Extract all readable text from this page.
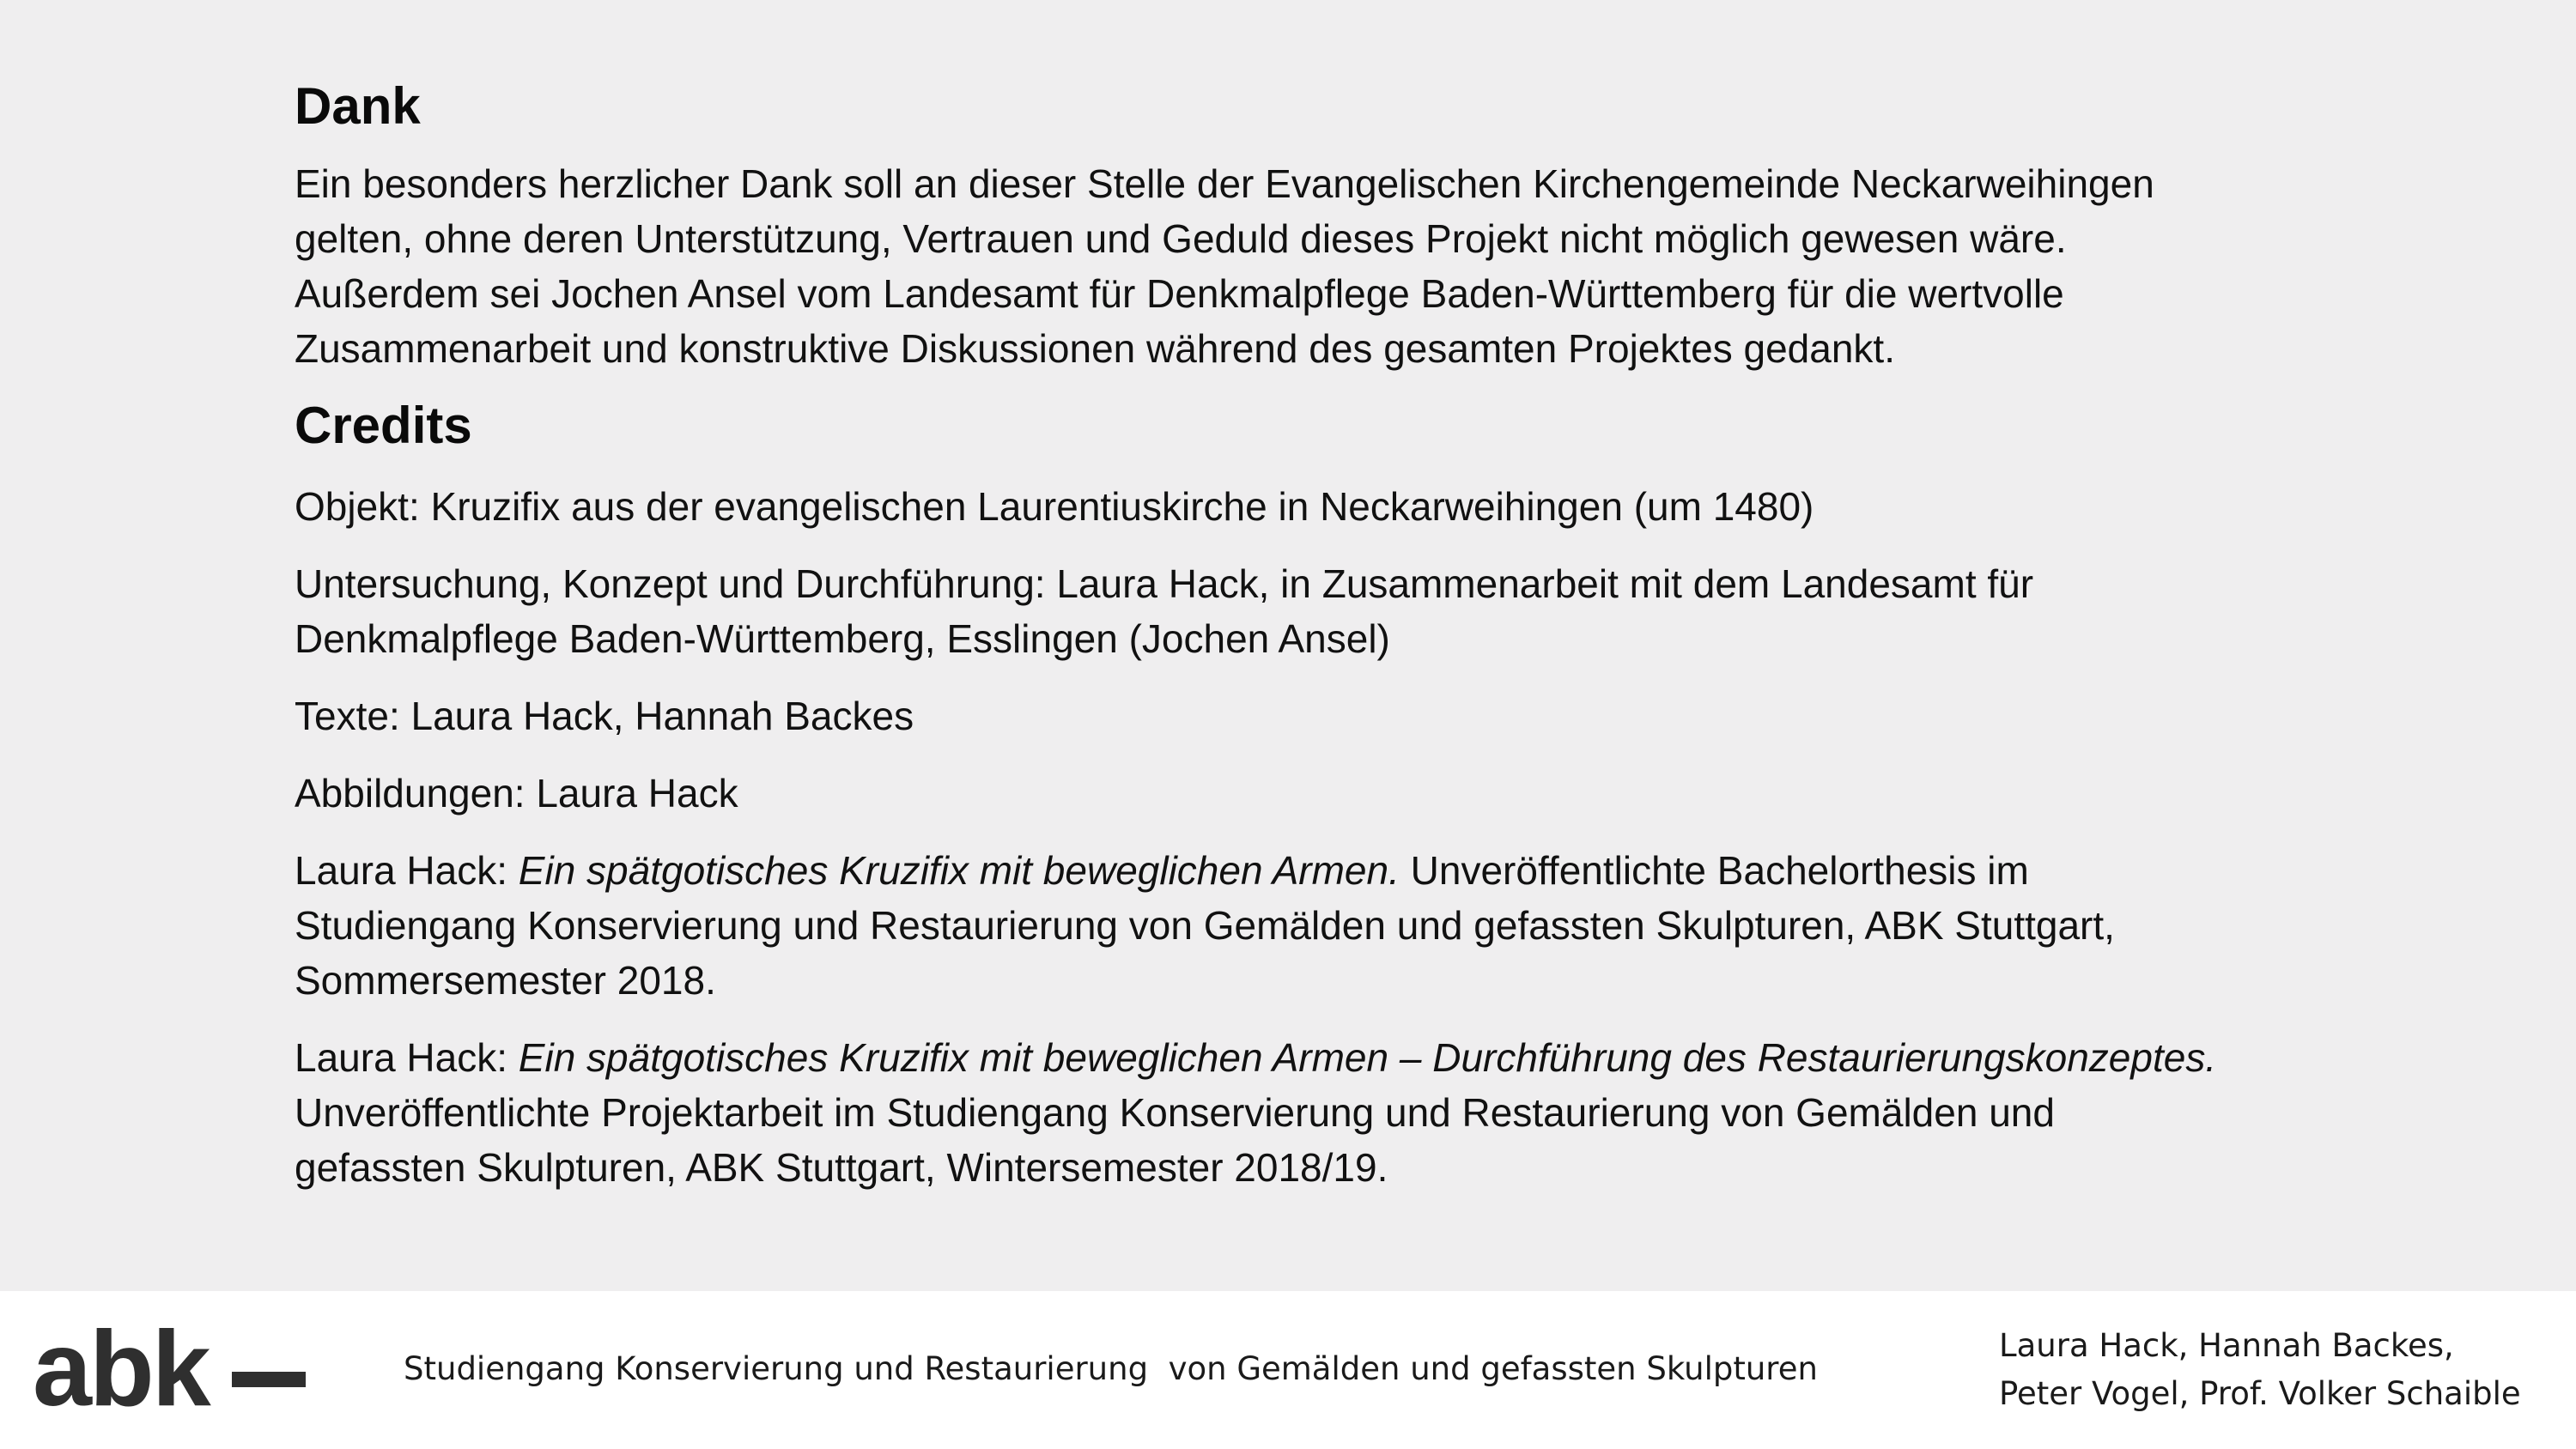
Dank

Ein besonders herzlicher Dank soll an dieser Stelle der Evangelischen Kirchengemeinde Neckarweihingen gelten, ohne deren Unterstützung, Vertrauen und Geduld dieses Projekt nicht möglich gewesen wäre. Außerdem sei Jochen Ansel vom Landesamt für Denkmalpflege Baden-Württemberg für die wertvolle Zusammenarbeit und konstruktive Diskussionen während des gesamten Projektes gedankt.

Credits

Objekt: Kruzifix aus der evangelischen Laurentiuskirche in Neckarweihingen (um 1480)

Untersuchung, Konzept und Durchführung: Laura Hack, in Zusammenarbeit mit dem Landesamt für Denkmalpflege Baden-Württemberg, Esslingen (Jochen Ansel)

Texte: Laura Hack, Hannah Backes

Abbildungen: Laura Hack

Laura Hack: Ein spätgotisches Kruzifix mit beweglichen Armen. Unveröffentlichte Bachelorthesis im Studiengang Konservierung und Restaurierung von Gemälden und gefassten Skulpturen, ABK Stuttgart, Sommersemester 2018.

Laura Hack: Ein spätgotisches Kruzifix mit beweglichen Armen – Durchführung des Restaurierungskonzeptes. Unveröffentlichte Projektarbeit im Studiengang Konservierung und Restaurierung von Gemälden und gefassten Skulpturen, ABK Stuttgart, Wintersemester 2018/19.

abk	Studiengang Konservierung und Restaurierung  von Gemälden und gefassten Skulpturen
Laura Hack, Hannah Backes,
Peter Vogel, Prof. Volker Schaible
